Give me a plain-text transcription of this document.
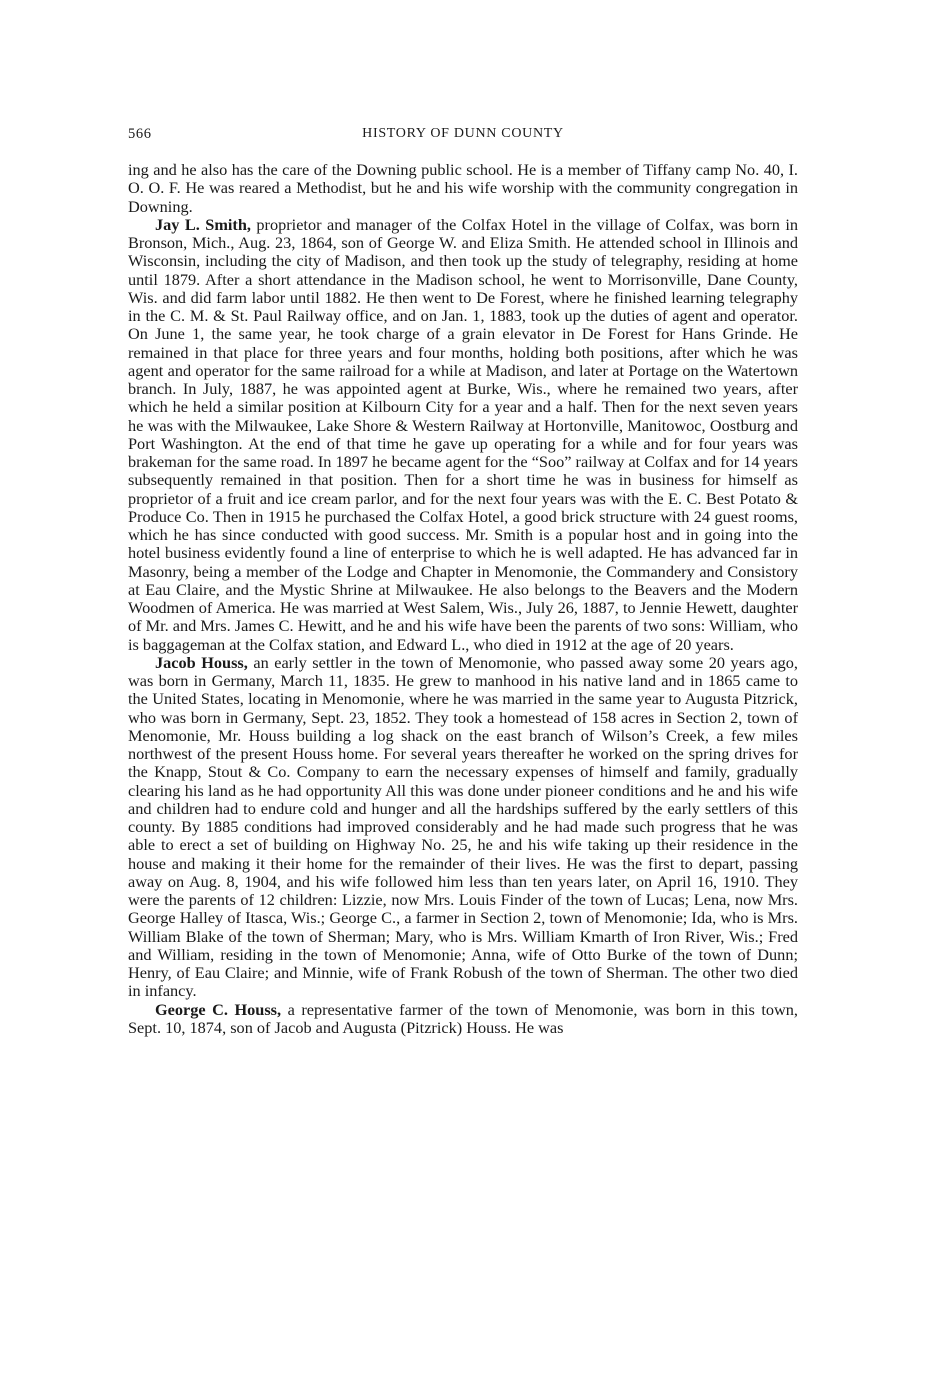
566	HISTORY OF DUNN COUNTY

ing and he also has the care of the Downing public school. He is a member of Tiffany camp No. 40, I. O. O. F. He was reared a Methodist, but he and his wife worship with the community congregation in Downing.

Jay L. Smith, proprietor and manager of the Colfax Hotel in the village of Colfax, was born in Bronson, Mich., Aug. 23, 1864, son of George W. and Eliza Smith. He attended school in Illinois and Wisconsin, including the city of Madison, and then took up the study of telegraphy, residing at home until 1879. After a short attendance in the Madison school, he went to Morrisonville, Dane County, Wis. and did farm labor until 1882. He then went to De Forest, where he finished learning telegraphy in the C. M. & St. Paul Railway office, and on Jan. 1, 1883, took up the duties of agent and operator. On June 1, the same year, he took charge of a grain elevator in De Forest for Hans Grinde. He remained in that place for three years and four months, holding both positions, after which he was agent and operator for the same railroad for a while at Madison, and later at Portage on the Watertown branch. In July, 1887, he was appointed agent at Burke, Wis., where he remained two years, after which he held a similar position at Kilbourn City for a year and a half. Then for the next seven years he was with the Milwaukee, Lake Shore & Western Railway at Hortonville, Manitowoc, Oostburg and Port Washington. At the end of that time he gave up operating for a while and for four years was brakeman for the same road. In 1897 he became agent for the “Soo” railway at Colfax and for 14 years subsequently remained in that position. Then for a short time he was in business for himself as proprietor of a fruit and ice cream parlor, and for the next four years was with the E. C. Best Potato & Produce Co. Then in 1915 he purchased the Colfax Hotel, a good brick structure with 24 guest rooms, which he has since conducted with good success. Mr. Smith is a popular host and in going into the hotel business evidently found a line of enterprise to which he is well adapted. He has advanced far in Masonry, being a member of the Lodge and Chapter in Menomonie, the Commandery and Consistory at Eau Claire, and the Mystic Shrine at Milwaukee. He also belongs to the Beavers and the Modern Woodmen of America. He was married at West Salem, Wis., July 26, 1887, to Jennie Hewett, daughter of Mr. and Mrs. James C. Hewitt, and he and his wife have been the parents of two sons: William, who is baggageman at the Colfax station, and Edward L., who died in 1912 at the age of 20 years.

Jacob Houss, an early settler in the town of Menomonie, who passed away some 20 years ago, was born in Germany, March 11, 1835. He grew to manhood in his native land and in 1865 came to the United States, locating in Menomonie, where he was married in the same year to Augusta Pitzrick, who was born in Germany, Sept. 23, 1852. They took a homestead of 158 acres in Section 2, town of Menomonie, Mr. Houss building a log shack on the east branch of Wilson’s Creek, a few miles northwest of the present Houss home. For several years thereafter he worked on the spring drives for the Knapp, Stout & Co. Company to earn the necessary expenses of himself and family, gradually clearing his land as he had opportunity All this was done under pioneer conditions and he and his wife and children had to endure cold and hunger and all the hardships suffered by the early settlers of this county. By 1885 conditions had improved considerably and he had made such progress that he was able to erect a set of building on Highway No. 25, he and his wife taking up their residence in the house and making it their home for the remainder of their lives. He was the first to depart, passing away on Aug. 8, 1904, and his wife followed him less than ten years later, on April 16, 1910. They were the parents of 12 children: Lizzie, now Mrs. Louis Finder of the town of Lucas; Lena, now Mrs. George Halley of Itasca, Wis.; George C., a farmer in Section 2, town of Menomonie; Ida, who is Mrs. William Blake of the town of Sherman; Mary, who is Mrs. William Kmarth of Iron River, Wis.; Fred and William, residing in the town of Menomonie; Anna, wife of Otto Burke of the town of Dunn; Henry, of Eau Claire; and Minnie, wife of Frank Robush of the town of Sherman. The other two died in infancy.

George C. Houss, a representative farmer of the town of Menomonie, was born in this town, Sept. 10, 1874, son of Jacob and Augusta (Pitzrick) Houss. He was
